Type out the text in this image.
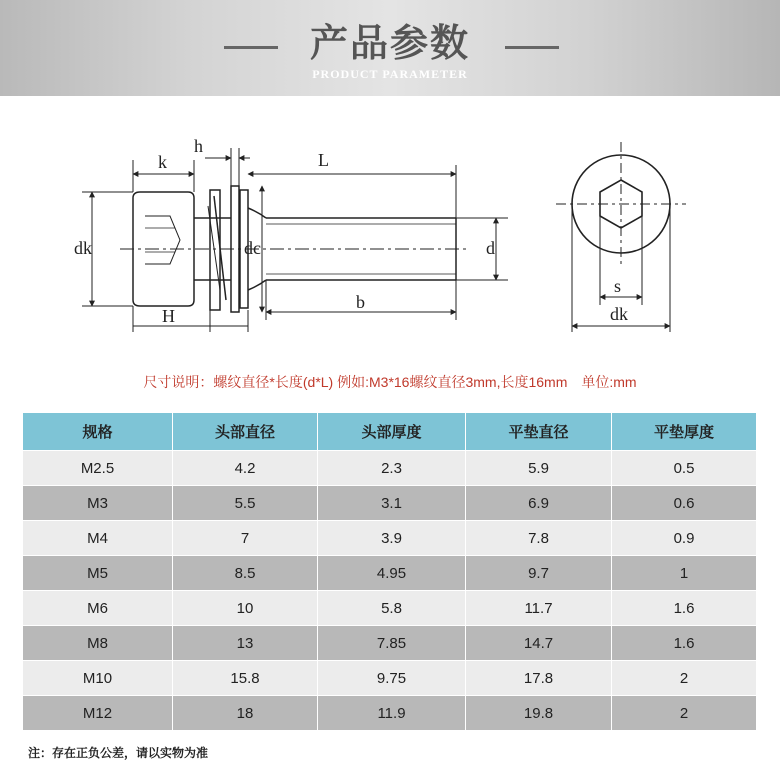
产品参数
PRODUCT PARAMETER
k
h
L
dk	dc	d
b
H
s
dk
尺寸说明：螺纹直径*长度(d*L) 例如:M3*16螺纹直径3mm,长度16mm　单位:mm
规格	头部直径	头部厚度	平垫直径	平垫厚度
M2.5	4.2	2.3	5.9	0.5
M3	5.5	3.1	6.9	0.6
M4	7	3.9	7.8	0.9
M5	8.5	4.95	9.7	1
M6	10	5.8	11.7	1.6
M8	13	7.85	14.7	1.6
M10	15.8	9.75	17.8	2
M12	18	11.9	19.8	2
注：存在正负公差，请以实物为准
